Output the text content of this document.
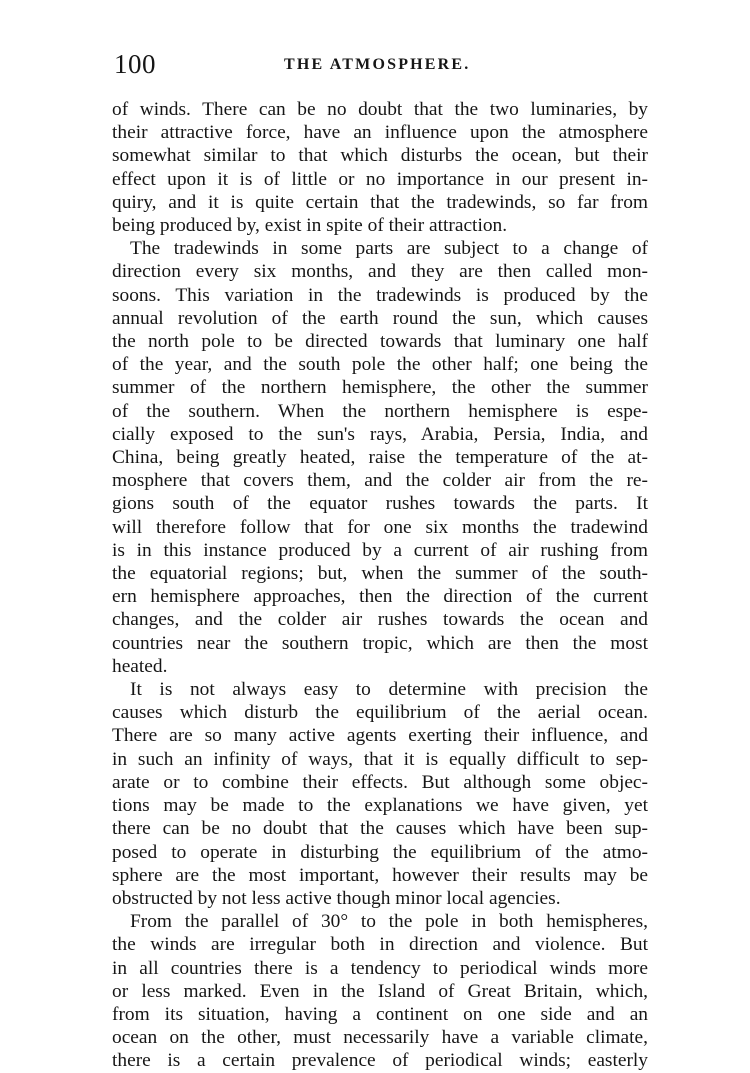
100	THE ATMOSPHERE.
of winds. There can be no doubt that the two luminaries, by
their attractive force, have an influence upon the atmosphere
somewhat similar to that which disturbs the ocean, but their
effect upon it is of little or no importance in our present in-
quiry, and it is quite certain that the tradewinds, so far from
being produced by, exist in spite of their attraction.
The tradewinds in some parts are subject to a change of
direction every six months, and they are then called mon-
soons. This variation in the tradewinds is produced by the
annual revolution of the earth round the sun, which causes
the north pole to be directed towards that luminary one half
of the year, and the south pole the other half; one being the
summer of the northern hemisphere, the other the summer
of the southern. When the northern hemisphere is espe-
cially exposed to the sun's rays, Arabia, Persia, India, and
China, being greatly heated, raise the temperature of the at-
mosphere that covers them, and the colder air from the re-
gions south of the equator rushes towards the parts. It
will therefore follow that for one six months the tradewind
is in this instance produced by a current of air rushing from
the equatorial regions; but, when the summer of the south-
ern hemisphere approaches, then the direction of the current
changes, and the colder air rushes towards the ocean and
countries near the southern tropic, which are then the most
heated.
It is not always easy to determine with precision the
causes which disturb the equilibrium of the aerial ocean.
There are so many active agents exerting their influence, and
in such an infinity of ways, that it is equally difficult to sep-
arate or to combine their effects. But although some objec-
tions may be made to the explanations we have given, yet
there can be no doubt that the causes which have been sup-
posed to operate in disturbing the equilibrium of the atmo-
sphere are the most important, however their results may be
obstructed by not less active though minor local agencies.
From the parallel of 30° to the pole in both hemispheres,
the winds are irregular both in direction and violence. But
in all countries there is a tendency to periodical winds more
or less marked. Even in the Island of Great Britain, which,
from its situation, having a continent on one side and an
ocean on the other, must necessarily have a variable climate,
there is a certain prevalence of periodical winds; easterly
